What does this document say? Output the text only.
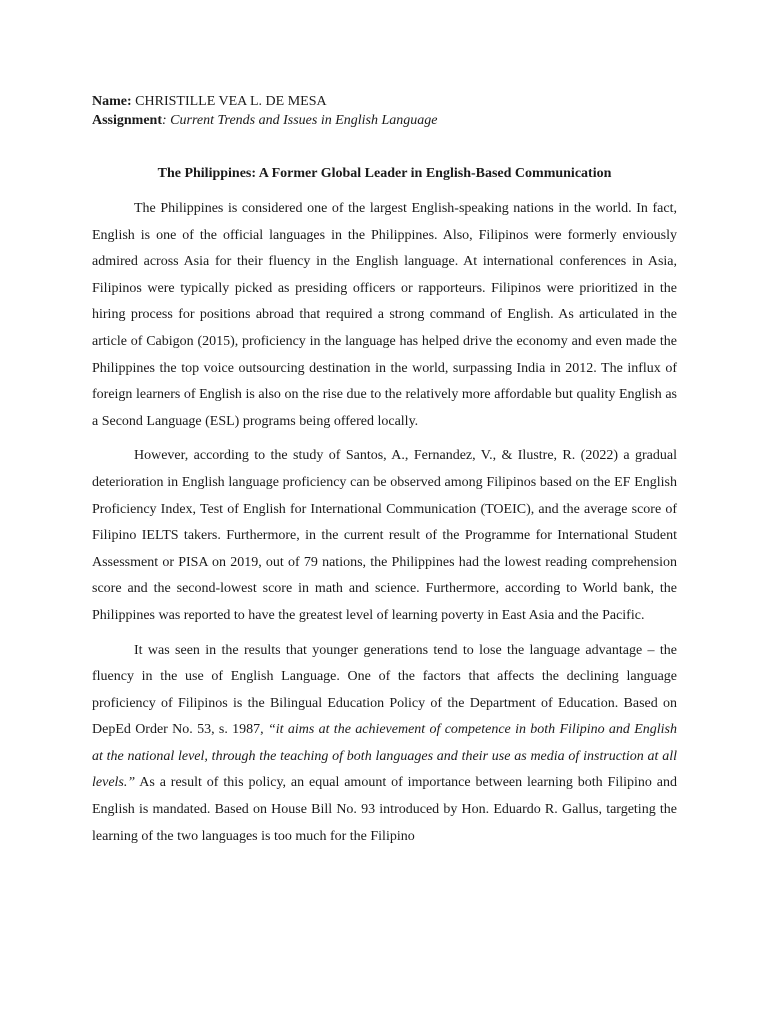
Name: CHRISTILLE VEA L. DE MESA

Assignment: Current Trends and Issues in English Language

The Philippines: A Former Global Leader in English-Based Communication

The Philippines is considered one of the largest English-speaking nations in the world. In fact, English is one of the official languages in the Philippines. Also, Filipinos were formerly enviously admired across Asia for their fluency in the English language. At international conferences in Asia, Filipinos were typically picked as presiding officers or rapporteurs. Filipinos were prioritized in the hiring process for positions abroad that required a strong command of English. As articulated in the article of Cabigon (2015), proficiency in the language has helped drive the economy and even made the Philippines the top voice outsourcing destination in the world, surpassing India in 2012. The influx of foreign learners of English is also on the rise due to the relatively more affordable but quality English as a Second Language (ESL) programs being offered locally.

However, according to the study of Santos, A., Fernandez, V., & Ilustre, R. (2022) a gradual deterioration in English language proficiency can be observed among Filipinos based on the EF English Proficiency Index, Test of English for International Communication (TOEIC), and the average score of Filipino IELTS takers. Furthermore, in the current result of the Programme for International Student Assessment or PISA on 2019, out of 79 nations, the Philippines had the lowest reading comprehension score and the second-lowest score in math and science. Furthermore, according to World bank, the Philippines was reported to have the greatest level of learning poverty in East Asia and the Pacific.

It was seen in the results that younger generations tend to lose the language advantage – the fluency in the use of English Language. One of the factors that affects the declining language proficiency of Filipinos is the Bilingual Education Policy of the Department of Education. Based on DepEd Order No. 53, s. 1987, “it aims at the achievement of competence in both Filipino and English at the national level, through the teaching of both languages and their use as media of instruction at all levels.” As a result of this policy, an equal amount of importance between learning both Filipino and English is mandated. Based on House Bill No. 93 introduced by Hon. Eduardo R. Gallus, targeting the learning of the two languages is too much for the Filipino
